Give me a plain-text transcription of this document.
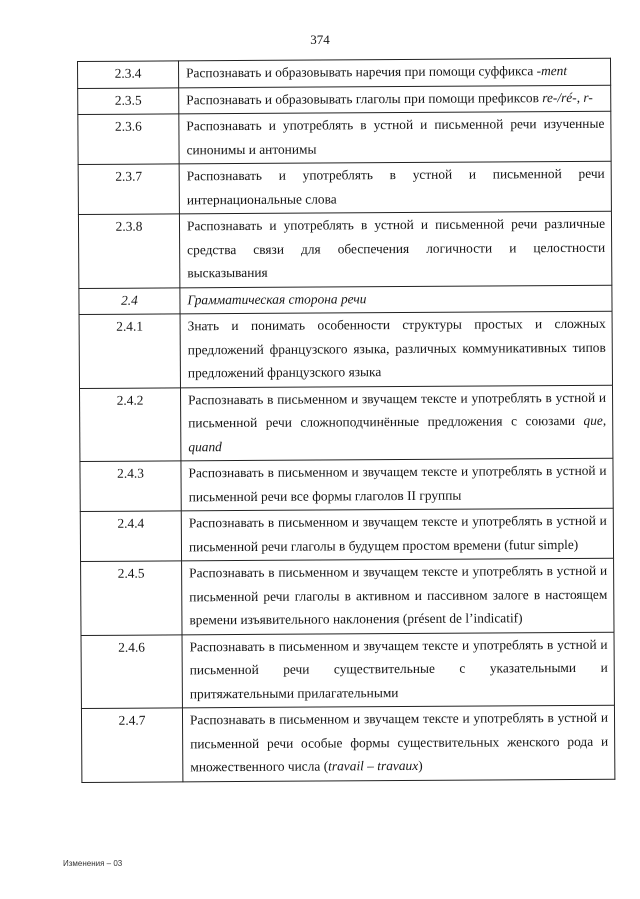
374
2.3.4	Распознавать и образовывать наречия при помощи суффикса -ment
2.3.5	Распознавать и образовывать глаголы при помощи префиксов re-/ré-, r-
2.3.6	Распознавать и употреблять в устной и письменной речи изученные синонимы и антонимы
2.3.7	Распознавать и употреблять в устной и письменной речи интернациональные слова
2.3.8	Распознавать и употреблять в устной и письменной речи различные средства связи для обеспечения логичности и целостности высказывания
2.4	Грамматическая сторона речи
2.4.1	Знать и понимать особенности структуры простых и сложных предложений французского языка, различных коммуникативных типов предложений французского языка
2.4.2	Распознавать в письменном и звучащем тексте и употреблять в устной и письменной речи сложноподчинённые предложения с союзами que, quand
2.4.3	Распознавать в письменном и звучащем тексте и употреблять в устной и письменной речи все формы глаголов II группы
2.4.4	Распознавать в письменном и звучащем тексте и употреблять в устной и письменной речи глаголы в будущем простом времени (futur simple)
2.4.5	Распознавать в письменном и звучащем тексте и употреблять в устной и письменной речи глаголы в активном и пассивном залоге в настоящем времени изъявительного наклонения (présent de l’indicatif)
2.4.6	Распознавать в письменном и звучащем тексте и употреблять в устной и письменной речи существительные с указательными и притяжательными прилагательными
2.4.7	Распознавать в письменном и звучащем тексте и употреблять в устной и письменной речи особые формы существительных женского рода и множественного числа (travail – travaux)
Изменения – 03
